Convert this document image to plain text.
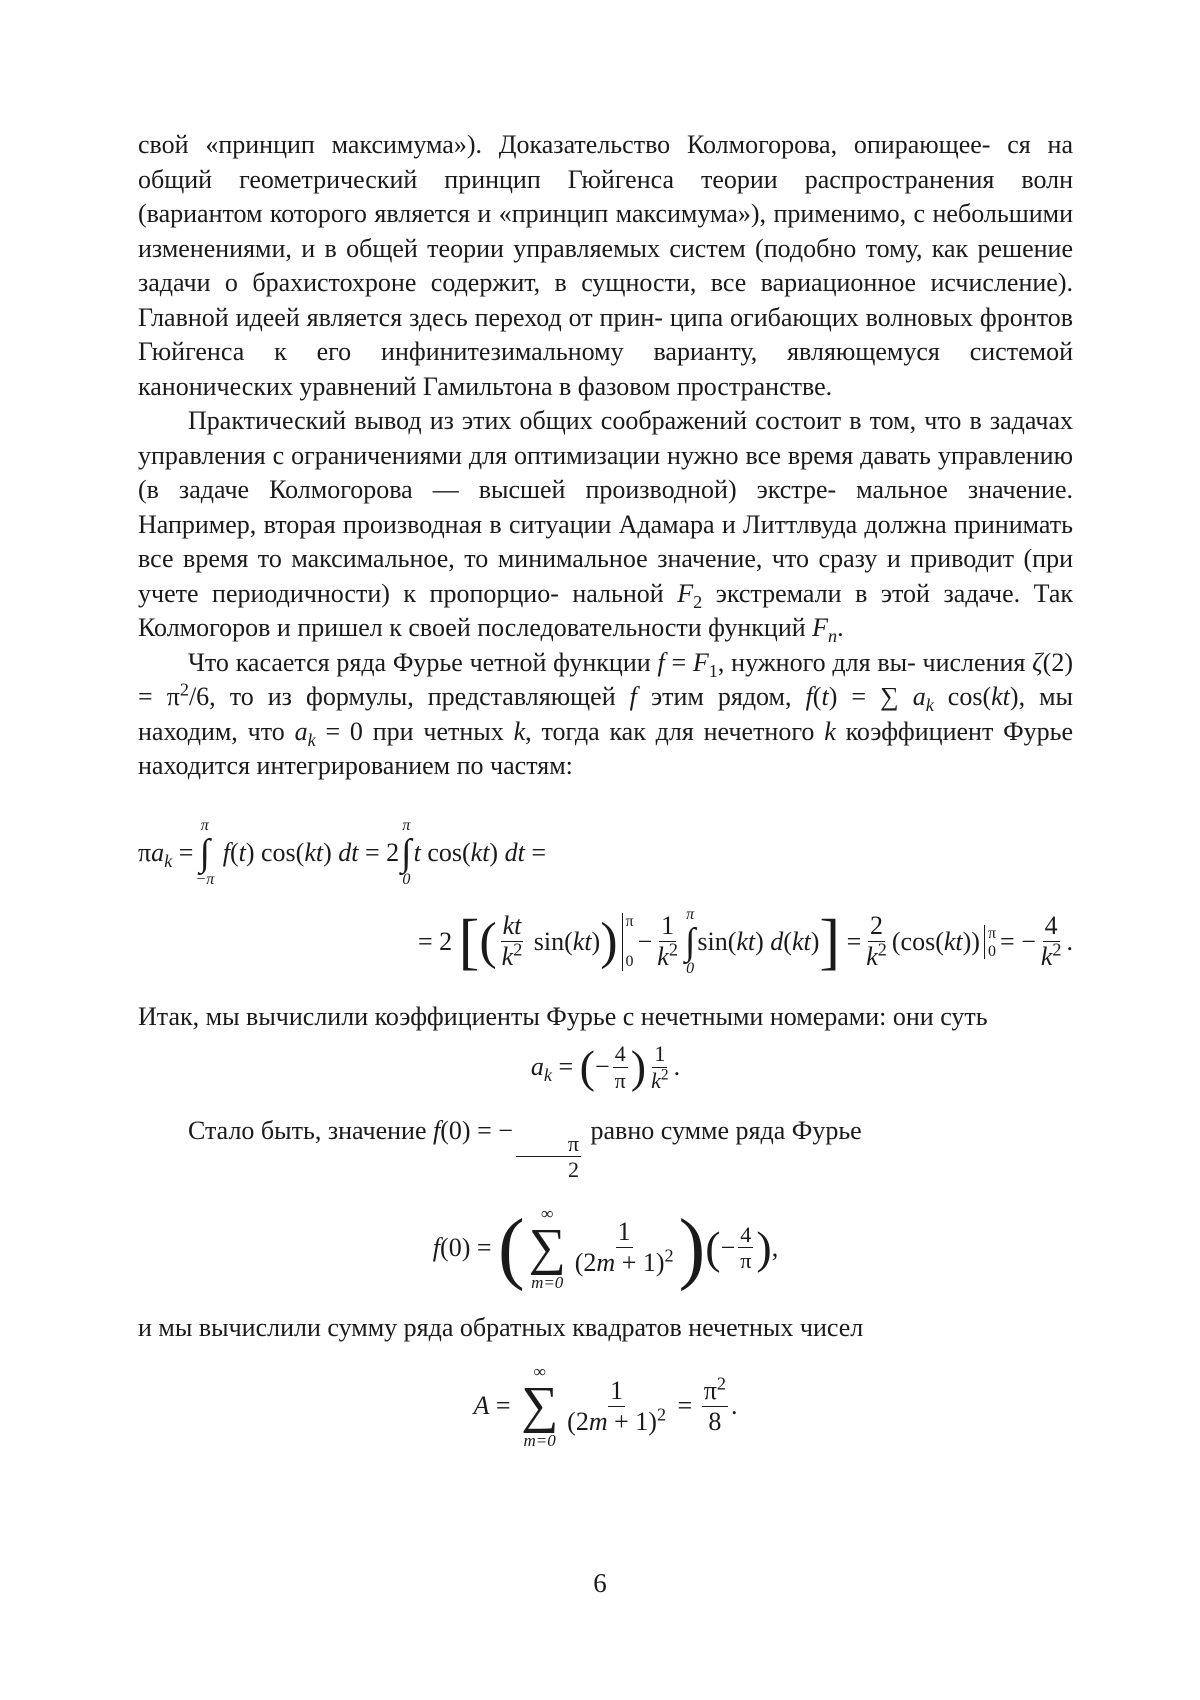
свой «принцип максимума»). Доказательство Колмогорова, опирающее- ся на общий геометрический принцип Гюйгенса теории распространения волн (вариантом которого является и «принцип максимума»), применимо, с небольшими изменениями, и в общей теории управляемых систем (подобно тому, как решение задачи о брахистохроне содержит, в сущности, все вариационное исчисление). Главной идеей является здесь переход от прин- ципа огибающих волновых фронтов Гюйгенса к его инфинитезимальному варианту, являющемуся системой канонических уравнений Гамильтона в фазовом пространстве.

Практический вывод из этих общих соображений состоит в том, что в задачах управления с ограничениями для оптимизации нужно все время давать управлению (в задаче Колмогорова — высшей производной) экстре- мальное значение. Например, вторая производная в ситуации Адамара и Литтлвуда должна принимать все время то максимальное, то минимальное значение, что сразу и приводит (при учете периодичности) к пропорцио- нальной $F_2$ экстремали в этой задаче. Так Колмогоров и пришел к своей последовательности функций $F_n$.

Что касается ряда Фурье четной функции $f = F_1$, нужного для вы- числения $\zeta(2) = \pi^2/6$, то из формулы, представляющей f этим рядом, f(t) = ∑ $a_k$ cos(kt), мы находим, что $a_k = 0$ при четных k, тогда как для нечетного k коэффициент Фурье находится интегрированием по частям:

$\pi a_k$ =
π
∫
−π
f(t) cos(kt) dt = 2
π
∫
0
t cos(kt) dt =
= 2 [ ( $\frac{kt}{k^2} \sin(kt)$ ) π
0
− $\frac{1}{k^2}$ π
∫
0
sin(kt) d(kt) ] = $\frac{2}{k^2} (\cos(kt))$ π
0 = − $\frac{4}{k^2}$ .

Итак, мы вычислили коэффициенты Фурье с нечетными номерами: они суть

$a_k$ = ( − $\frac{4}{\pi}$ ) $\frac{1}{k^2}$ .

Стало быть, значение f(0) = −
$\frac{\pi}{2}$
равно сумме ряда Фурье

f(0) = ( ∞
∑
m=0
$\frac{1}{(2m + 1)^2}$ ) ( − $\frac{4}{\pi}$ ) ,

и мы вычислили сумму ряда обратных квадратов нечетных чисел

A =
∞
∑
m=0
$\frac{1}{(2m + 1)^2} = \frac{\pi^2}{8}$ .
6
